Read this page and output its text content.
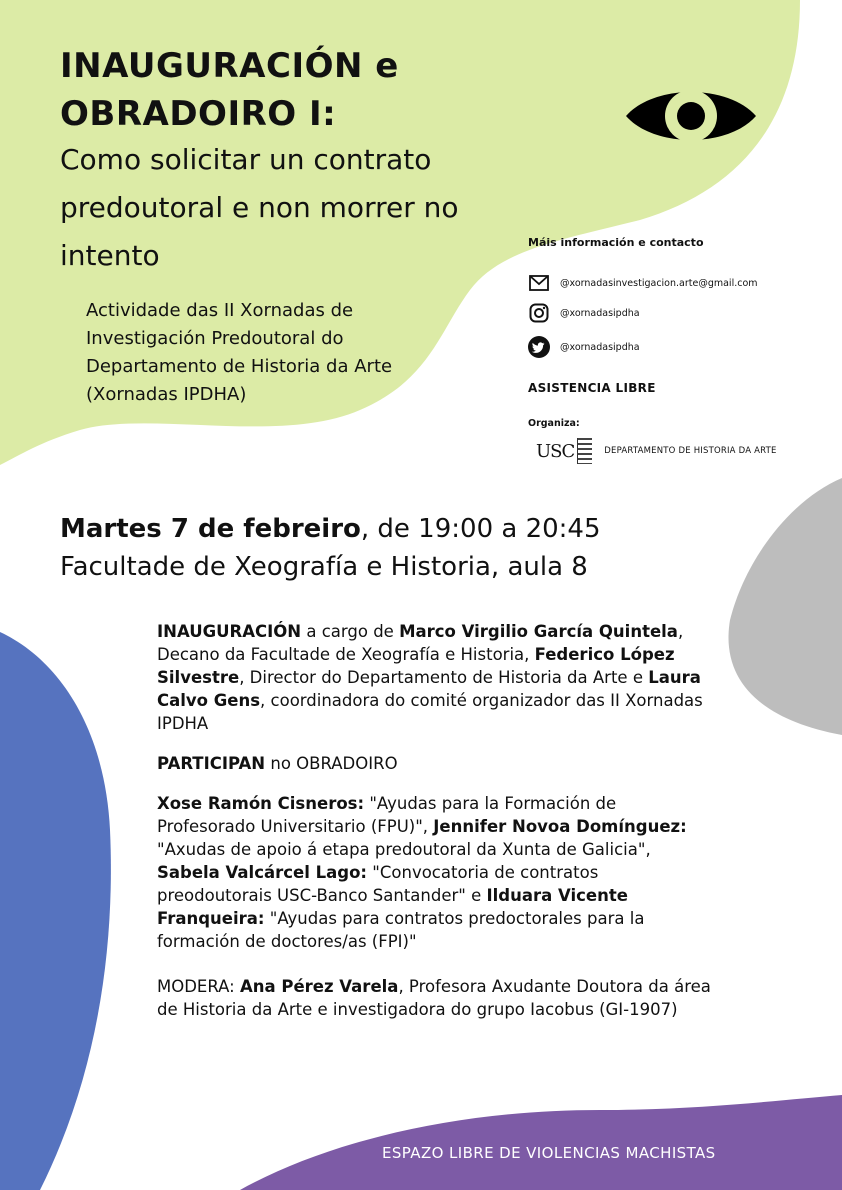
INAUGURACIÓN e
OBRADOIRO I:
Como solicitar un contrato
predoutoral e non morrer no
intento
Actividade das II Xornadas de
Investigación Predoutoral do
Departamento de Historia da Arte
(Xornadas IPDHA)
Máis información e contacto
@xornadasinvestigacion.arte@gmail.com
@xornadasipdha
@xornadasipdha
ASISTENCIA LIBRE
Organiza:
USC	DEPARTAMENTO DE HISTORIA DA ARTE
Martes 7 de febreiro, de 19:00 a 20:45
Facultade de Xeografía e Historia, aula 8

INAUGURACIÓN a cargo de Marco Virgilio García Quintela, Decano da Facultade de Xeografía e Historia, Federico López Silvestre, Director do Departamento de Historia da Arte e Laura Calvo Gens, coordinadora do comité organizador das II Xornadas IPDHA

PARTICIPAN no OBRADOIRO

Xose Ramón Cisneros: "Ayudas para la Formación de Profesorado Universitario (FPU)", Jennifer Novoa Domínguez: "Axudas de apoio á etapa predoutoral da Xunta de Galicia", Sabela Valcárcel Lago: "Convocatoria de contratos preodoutorais USC-Banco Santander" e Ilduara Vicente Franqueira: "Ayudas para contratos predoctorales para la formación de doctores/as (FPI)"

MODERA: Ana Pérez Varela, Profesora Axudante Doutora da área de Historia da Arte e investigadora do grupo Iacobus (GI-1907)

ESPAZO LIBRE DE VIOLENCIAS MACHISTAS
